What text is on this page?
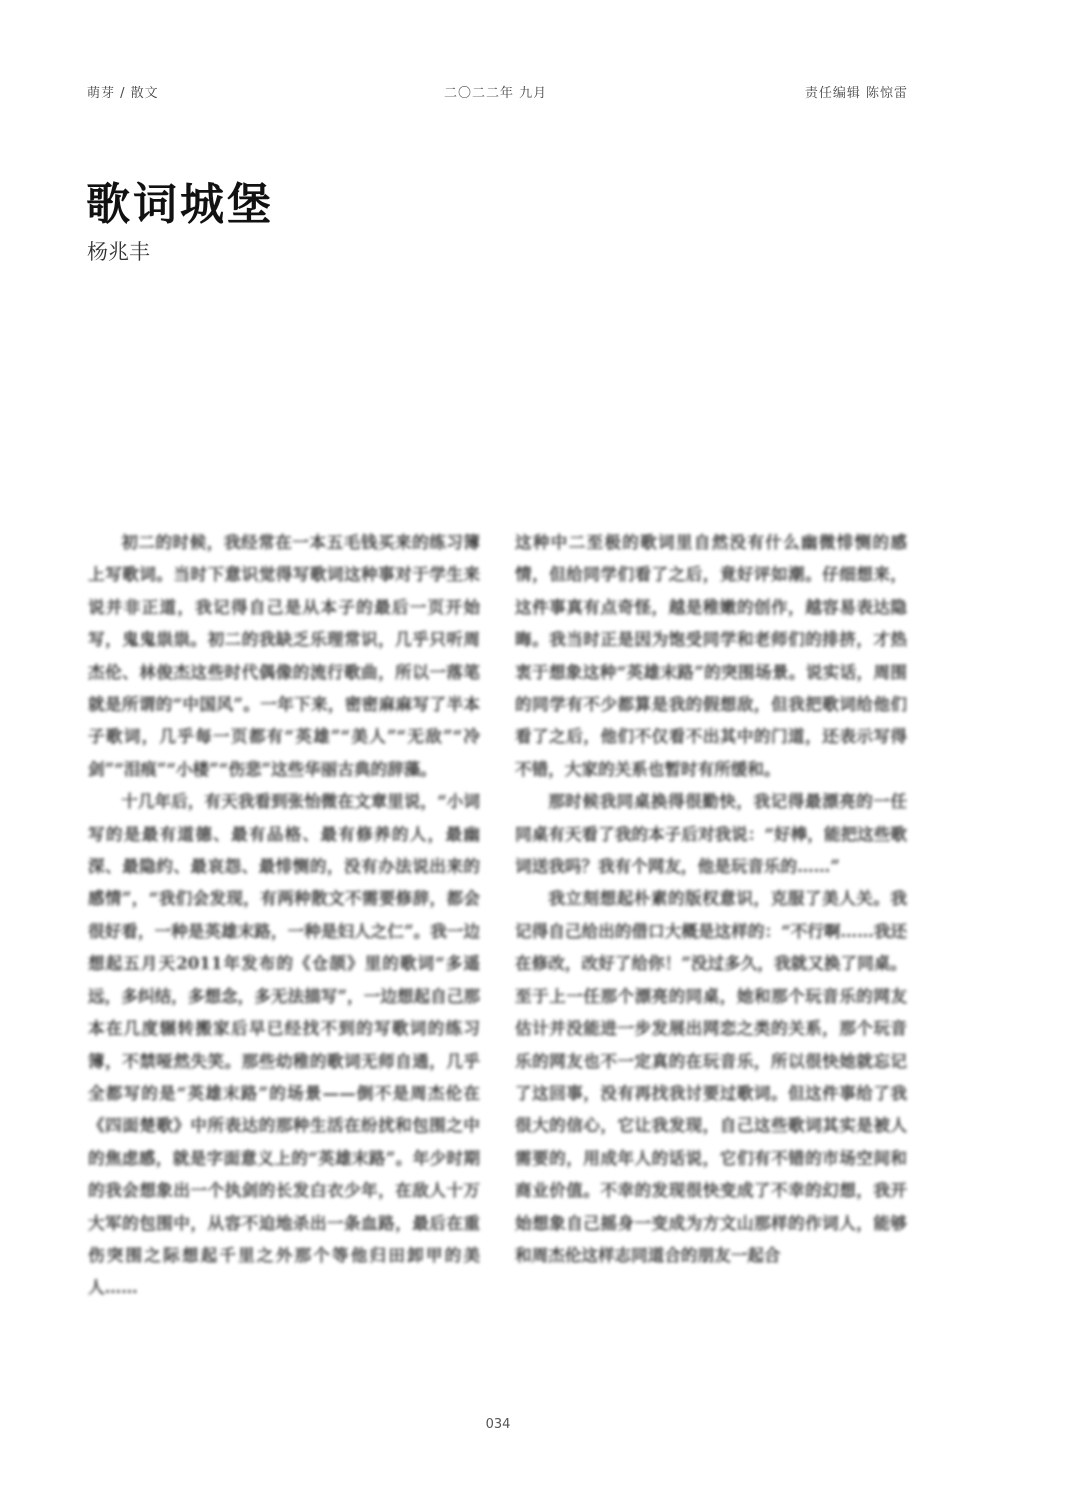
萌芽 / 散文	二〇二二年 九月	责任编辑 陈惊雷
歌词城堡
杨兆丰

初二的时候，我经常在一本五毛钱买来的练习簿上写歌词。当时下意识觉得写歌词这种事对于学生来说并非正道，我记得自己是从本子的最后一页开始写，鬼鬼祟祟。初二的我缺乏乐理常识，几乎只听周杰伦、林俊杰这些时代偶像的流行歌曲，所以一落笔就是所谓的“中国风”。一年下来，密密麻麻写了半本子歌词，几乎每一页都有“英雄”“美人”“无敌”“冷剑”“泪痕”“小楼”“伤悲”这些华丽古典的辞藻。

十几年后，有天我看到张怡微在文章里说，“小词写的是最有道德、最有品格、最有修养的人，最幽深、最隐约、最哀怨、最悱恻的，没有办法说出来的感情”，“我们会发现，有两种散文不需要修辞，都会很好看，一种是英雄末路，一种是妇人之仁”。我一边想起五月天2011年发布的《仓颉》里的歌词“多遥远，多纠结，多想念，多无法描写”，一边想起自己那本在几度辗转搬家后早已经找不到的写歌词的练习簿，不禁哑然失笑。那些幼稚的歌词无师自通，几乎全都写的是“英雄末路”的场景——倒不是周杰伦在《四面楚歌》中所表达的那种生活在纷扰和包围之中的焦虑感，就是字面意义上的“英雄末路”。年少时期的我会想象出一个执剑的长发白衣少年，在敌人十万大军的包围中，从容不迫地杀出一条血路，最后在重伤突围之际想起千里之外那个等他归田卸甲的美人……

这种中二至极的歌词里自然没有什么幽微悱恻的感情，但给同学们看了之后，竟好评如潮。仔细想来，这件事真有点奇怪，越是稚嫩的创作，越容易表达隐晦。我当时正是因为饱受同学和老师们的排挤，才热衷于想象这种“英雄末路”的突围场景。说实话，周围的同学有不少都算是我的假想敌，但我把歌词给他们看了之后，他们不仅看不出其中的门道，还表示写得不错，大家的关系也暂时有所缓和。

那时候我同桌换得很勤快，我记得最漂亮的一任同桌有天看了我的本子后对我说：“好棒，能把这些歌词送我吗？我有个网友，他是玩音乐的……”

我立刻想起朴素的版权意识，克服了美人关。我记得自己给出的借口大概是这样的：“不行啊……我还在修改，改好了给你！”没过多久，我就又换了同桌。至于上一任那个漂亮的同桌，她和那个玩音乐的网友估计并没能进一步发展出网恋之类的关系，那个玩音乐的网友也不一定真的在玩音乐，所以很快她就忘记了这回事，没有再找我讨要过歌词。但这件事给了我很大的信心，它让我发现，自己这些歌词其实是被人需要的，用成年人的话说，它们有不错的市场空间和商业价值。不幸的发现很快变成了不幸的幻想，我开始想象自己摇身一变成为方文山那样的作词人，能够和周杰伦这样志同道合的朋友一起合

034
